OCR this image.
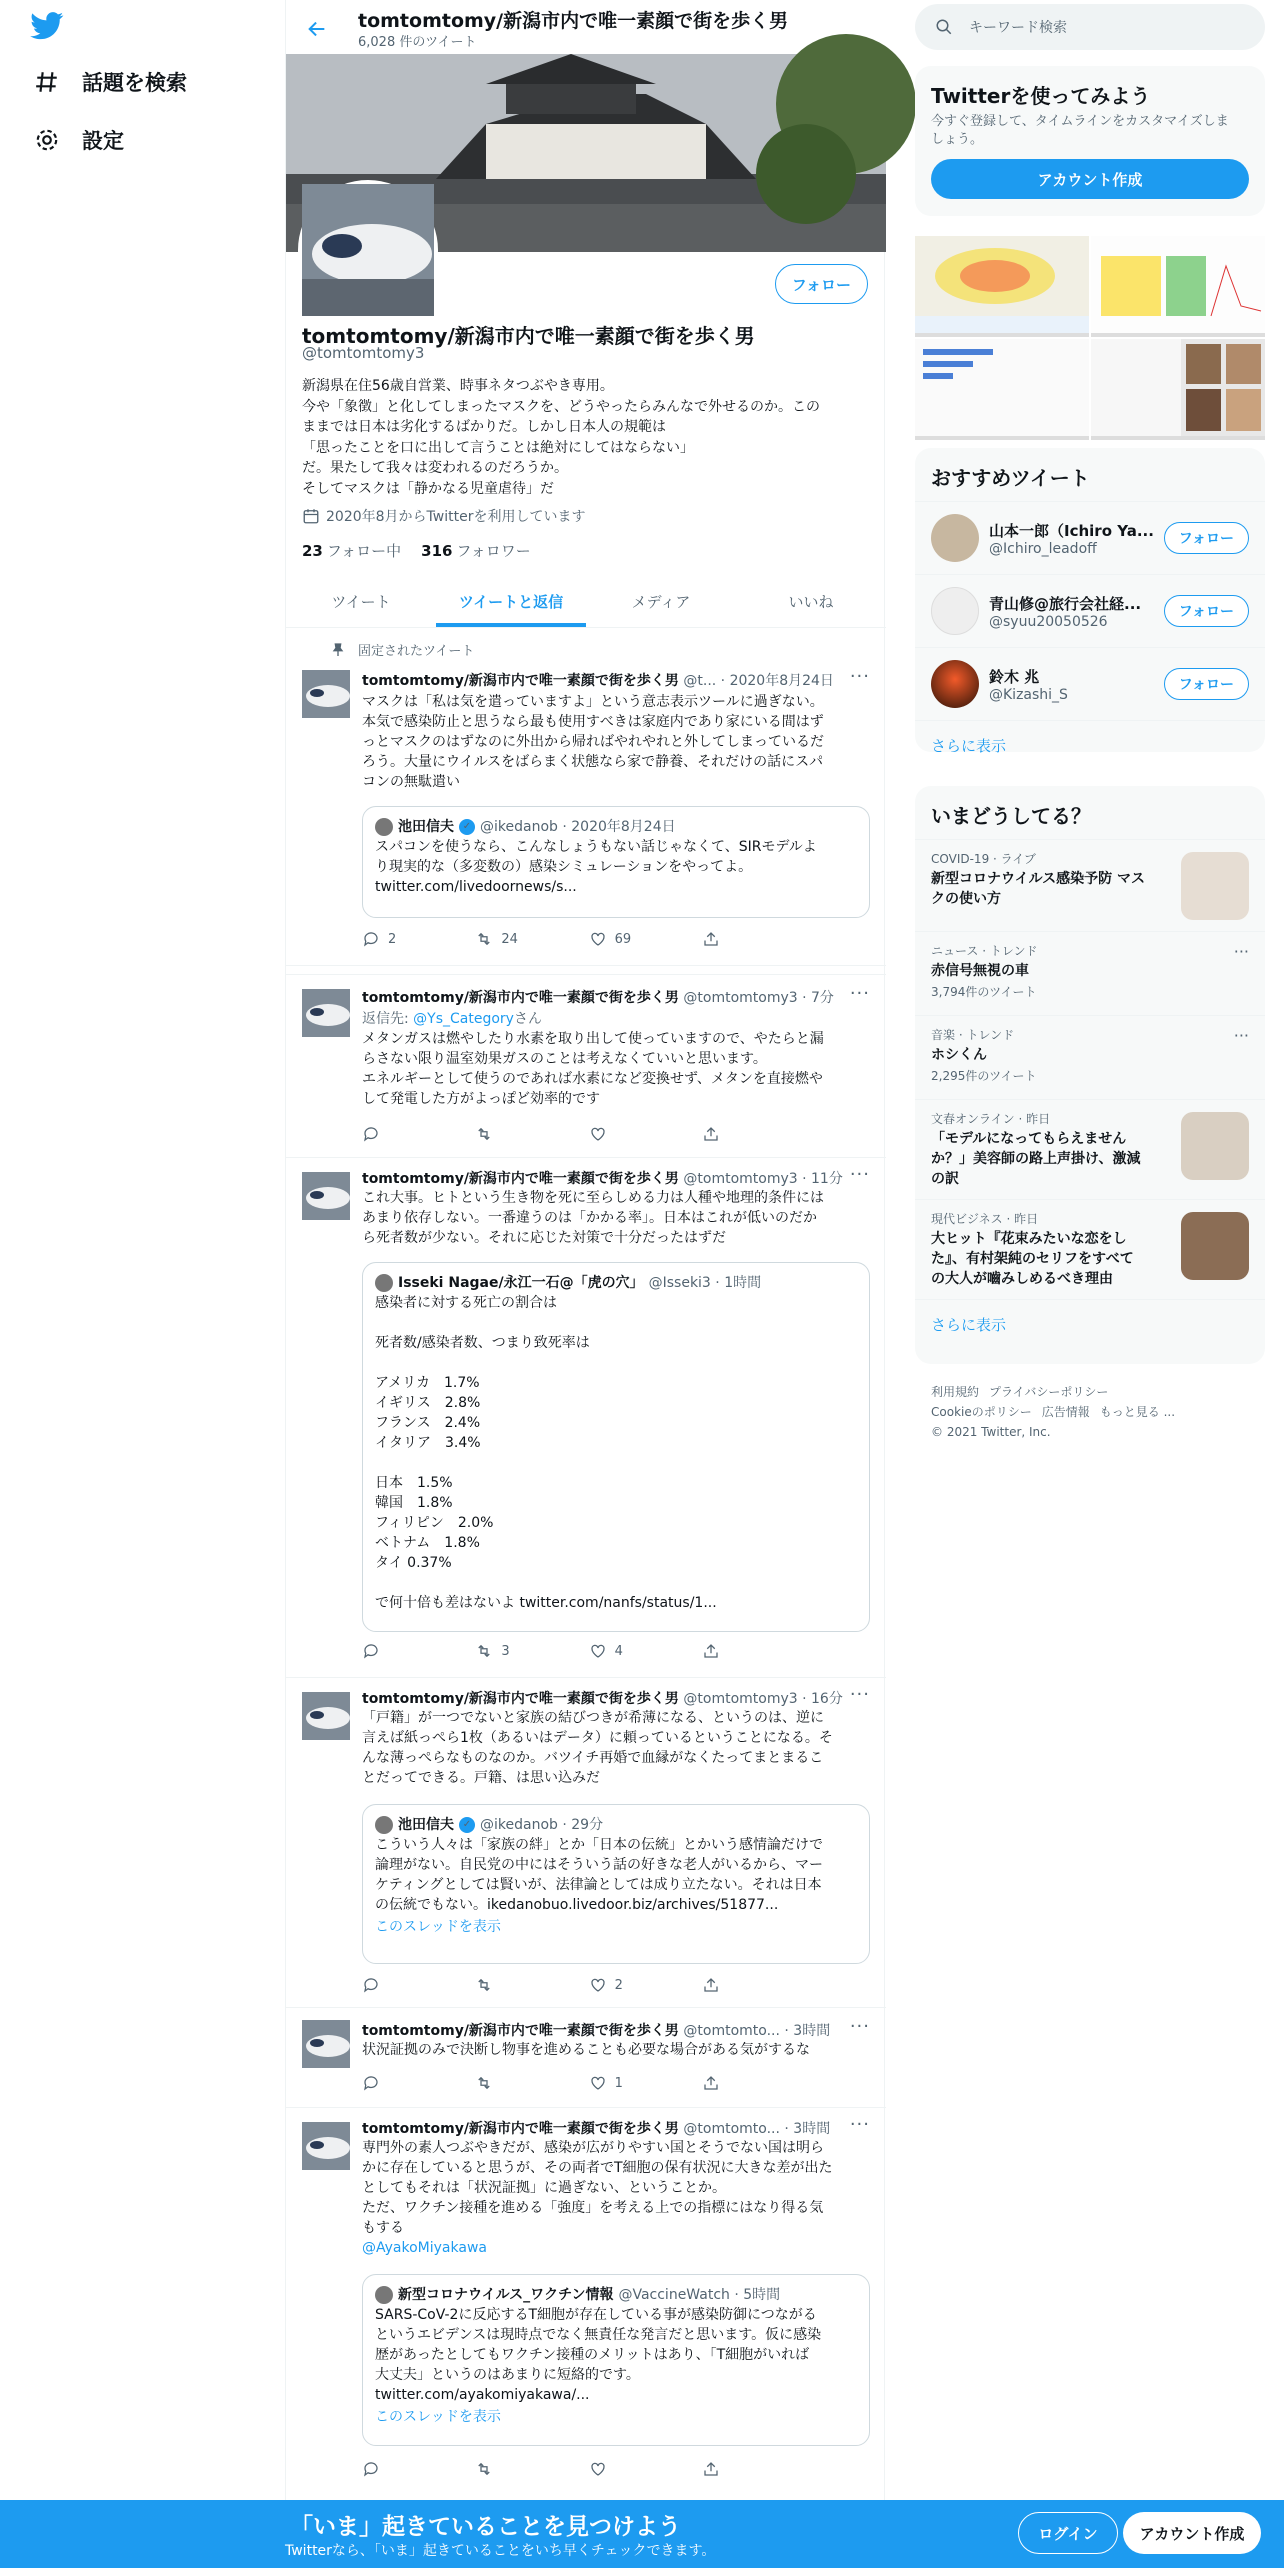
話題を検索
設定
tomtomtomy/新潟市内で唯一素顔で街を歩く男
6,028 件のツイート
フォロー
tomtomtomy/新潟市内で唯一素顔で街を歩く男
@tomtomtomy3
新潟県在住56歳自営業、時事ネタつぶやき専用。
今や「象徴」と化してしまったマスクを、どうやったらみんなで外せるのか。この
ままでは日本は劣化するばかりだ。しかし日本人の規範は
「思ったことを口に出して言うことは絶対にしてはならない」
だ。果たして我々は変われるのだろうか。
そしてマスクは「静かなる児童虐待」だ
2020年8月からTwitterを利用しています
23 フォロー中 316 フォロワー
ツイート	ツイートと返信	メディア	いいね
固定されたツイート
tomtomtomy/新潟市内で唯一素顔で街を歩く男 @t... · 2020年8月24日 ···
マスクは「私は気を遣っていますよ」という意志表示ツールに過ぎない。
本気で感染防止と思うなら最も使用すべきは家庭内であり家にいる間はず
っとマスクのはずなのに外出から帰ればやれやれと外してしまっているだ
ろう。大量にウイルスをばらまく状態なら家で静養、それだけの話にスパ
コンの無駄遣い
池田信夫 ✓ @ikedanob · 2020年8月24日
スパコンを使うなら、こんなしょうもない話じゃなくて、SIRモデルよ
り現実的な（多変数の）感染シミュレーションをやってよ。
twitter.com/livedoornews/s...
2	24	69
tomtomtomy/新潟市内で唯一素顔で街を歩く男 @tomtomtomy3 · 7分 ···
返信先: @Ys_Categoryさん
メタンガスは燃やしたり水素を取り出して使っていますので、やたらと漏
らさない限り温室効果ガスのことは考えなくていいと思います。
エネルギーとして使うのであれば水素になど変換せず、メタンを直接燃や
して発電した方がよっぽど効率的です
tomtomtomy/新潟市内で唯一素顔で街を歩く男 @tomtomtomy3 · 11分 ···
これ大事。ヒトという生き物を死に至らしめる力は人種や地理的条件には
あまり依存しない。一番違うのは「かかる率」。日本はこれが低いのだか
ら死者数が少ない。それに応じた対策で十分だったはずだ
Isseki Nagae/永江一石@「虎の穴」 @Isseki3 · 1時間
感染者に対する死亡の割合は
死者数/感染者数、つまり致死率は
アメリカ　1.7%
イギリス　2.8%
フランス　2.4%
イタリア　3.4%
日本　1.5%
韓国　1.8%
フィリピン　2.0%
ベトナム　1.8%
タイ 0.37%
で何十倍も差はないよ twitter.com/nanfs/status/1...
3	4
tomtomtomy/新潟市内で唯一素顔で街を歩く男 @tomtomtomy3 · 16分 ···
「戸籍」が一つでないと家族の結びつきが希薄になる、というのは、逆に
言えば紙っぺら1枚（あるいはデータ）に頼っているということになる。そ
んな薄っぺらなものなのか。バツイチ再婚で血縁がなくたってまとまるこ
とだってできる。戸籍、は思い込みだ
池田信夫 ✓ @ikedanob · 29分
こういう人々は「家族の絆」とか「日本の伝統」とかいう感情論だけで
論理がない。自民党の中にはそういう話の好きな老人がいるから、マー
ケティングとしては賢いが、法律論としては成り立たない。それは日本
の伝統でもない。ikedanobuo.livedoor.biz/archives/51877...
このスレッドを表示
2
tomtomtomy/新潟市内で唯一素顔で街を歩く男 @tomtomto... · 3時間 ···
状況証拠のみで決断し物事を進めることも必要な場合がある気がするな
1
tomtomtomy/新潟市内で唯一素顔で街を歩く男 @tomtomto... · 3時間 ···
専門外の素人つぶやきだが、感染が広がりやすい国とそうでない国は明ら
かに存在していると思うが、その両者でT細胞の保有状況に大きな差が出た
としてもそれは「状況証拠」に過ぎない、ということか。
ただ、ワクチン接種を進める「強度」を考える上での指標にはなり得る気
もする
@AyakoMiyakawa
新型コロナウイルス_ワクチン情報 @VaccineWatch · 5時間
SARS-CoV-2に反応するT細胞が存在している事が感染防御につながる
というエビデンスは現時点でなく無責任な発言だと思います。仮に感染
歴があったとしてもワクチン接種のメリットはあり、「T細胞がいれば
大丈夫」というのはあまりに短絡的です。
twitter.com/ayakomiyakawa/...
このスレッドを表示
キーワード検索
Twitterを使ってみよう
今すぐ登録して、タイムラインをカスタマイズしま
しょう。
アカウント作成
おすすめツイート
山本一郎（Ichiro Ya...
@Ichiro_leadoff
フォロー
青山修@旅行会社経...
@syuu20050526
フォロー
鈴木 兆
@Kizashi_S
フォロー
さらに表示
いまどうしてる？
COVID-19 · ライブ
新型コロナウイルス感染予防 マス
クの使い方
ニュース · トレンド
赤信号無視の車
3,794件のツイート
···
音楽 · トレンド
ホシくん
2,295件のツイート
···
文春オンライン · 昨日
「モデルになってもらえません
か？」美容師の路上声掛け、激減
の訳
現代ビジネス · 昨日
大ヒット『花束みたいな恋をし
た』、有村架純のセリフをすべて
の大人が嚙みしめるべき理由
さらに表示
利用規約 プライバシーポリシー
Cookieのポリシー 広告情報 もっと見る ...
© 2021 Twitter, Inc.
「いま」起きていることを見つけよう
Twitterなら、「いま」起きていることをいち早くチェックできます。
ログイン	アカウント作成
